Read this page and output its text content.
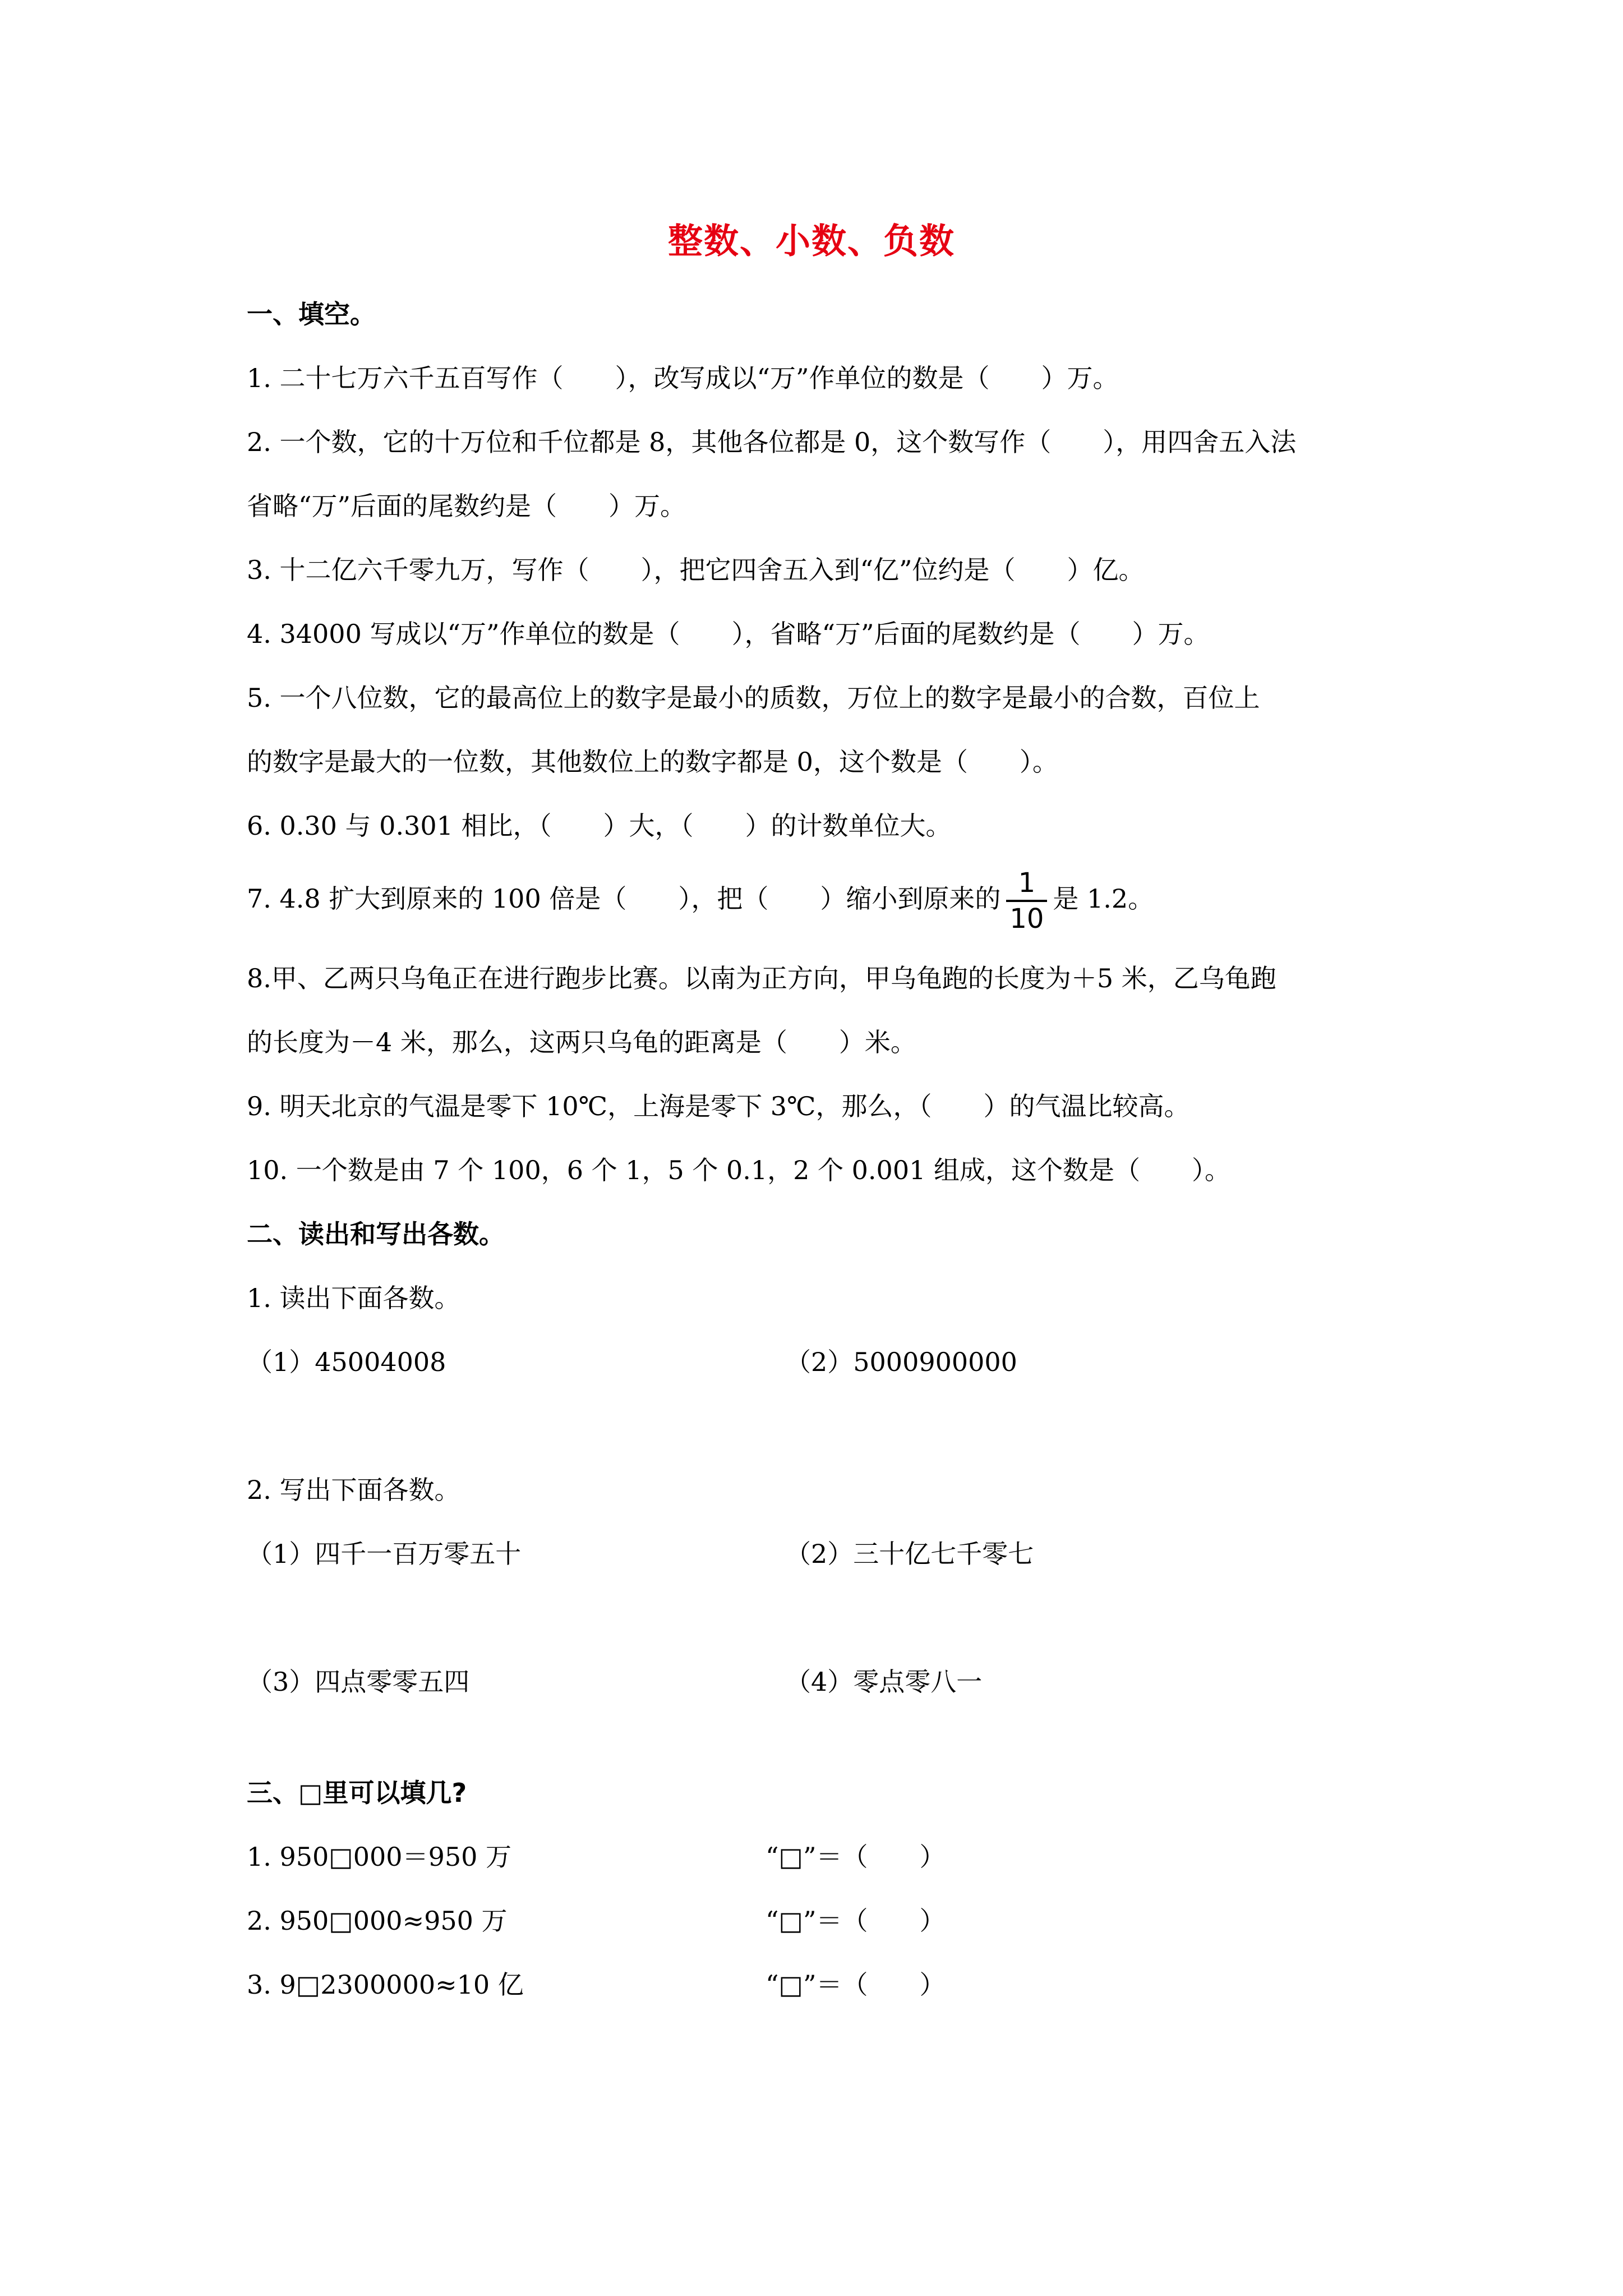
整数、小数、负数
一、填空。
1. 二十七万六千五百写作（　　），改写成以“万”作单位的数是（　　）万。
2. 一个数，它的十万位和千位都是 8，其他各位都是 0，这个数写作（　　），用四舍五入法
省略“万”后面的尾数约是（　　）万。
3. 十二亿六千零九万，写作（　　），把它四舍五入到“亿”位约是（　　）亿。
4. 34000 写成以“万”作单位的数是（　　），省略“万”后面的尾数约是（　　）万。
5. 一个八位数，它的最高位上的数字是最小的质数，万位上的数字是最小的合数，百位上
的数字是最大的一位数，其他数位上的数字都是 0，这个数是（　　）。
6. 0.30 与 0.301 相比，（　　）大，（　　）的计数单位大。
7. 4.8 扩大到原来的 100 倍是（　　），把（　　）缩小到原来的 $\frac{1}{10}$ 是 1.2。
8.甲、乙两只乌龟正在进行跑步比赛。以南为正方向，甲乌龟跑的长度为＋5 米，乙乌龟跑
的长度为－4 米，那么，这两只乌龟的距离是（　　）米。
9. 明天北京的气温是零下 10℃，上海是零下 3℃，那么，（　　）的气温比较高。
10. 一个数是由 7 个 100，6 个 1，5 个 0.1，2 个 0.001 组成，这个数是（　　）。
二、读出和写出各数。
1. 读出下面各数。
（1）45004008	（2）5000900000
2. 写出下面各数。
（1）四千一百万零五十	（2）三十亿七千零七
（3）四点零零五四	（4）零点零八一
三、□里可以填几?
1. 950□000＝950 万	“□”＝（　　）
2. 950□000≈950 万	“□”＝（　　）
3. 9□2300000≈10 亿	“□”＝（　　）
